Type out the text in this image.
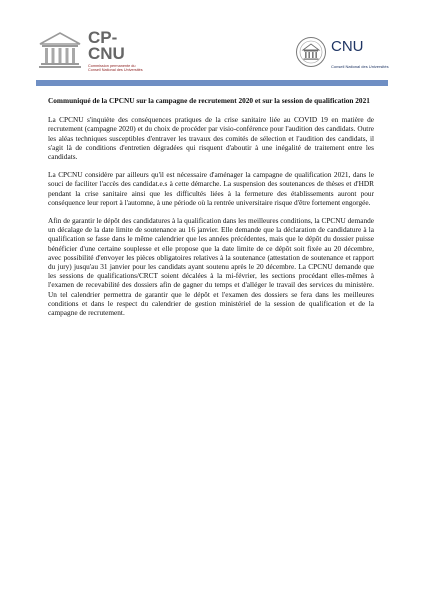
CP-
CNU
Commission permanente du
Conseil National des Universités
CNU
Conseil National des Universités

Communiqué de la CPCNU sur la campagne de recrutement 2020 et sur la session de qualification 2021

La CPCNU s'inquiète des conséquences pratiques de la crise sanitaire liée au COVID 19 en matière de recrutement (campagne 2020) et du choix de procéder par visio-conférence pour l'audition des candidats. Outre les aléas techniques susceptibles d'entraver les travaux des comités de sélection et l'audition des candidats, il s'agit là de conditions d'entretien dégradées qui risquent d'aboutir à une inégalité de traitement entre les candidats.

La CPCNU considère par ailleurs qu'il est nécessaire d'aménager la campagne de qualification 2021, dans le souci de faciliter l'accès des candidat.e.s à cette démarche. La suspension des soutenances de thèses et d'HDR pendant la crise sanitaire ainsi que les difficultés liées à la fermeture des établissements auront pour conséquence leur report à l'automne, à une période où la rentrée universitaire risque d'être fortement engorgée.

Afin de garantir le dépôt des candidatures à la qualification dans les meilleures conditions, la CPCNU demande un décalage de la date limite de soutenance au 16 janvier. Elle demande que la déclaration de candidature à la qualification se fasse dans le même calendrier que les années précédentes, mais que le dépôt du dossier puisse bénéficier d'une certaine souplesse et elle propose que la date limite de ce dépôt soit fixée au 20 décembre, avec possibilité d'envoyer les pièces obligatoires relatives à la soutenance (attestation de soutenance et rapport du jury) jusqu'au 31 janvier pour les candidats ayant soutenu après le 20 décembre. La CPCNU demande que les sessions de qualifications/CRCT soient décalées à la mi-février, les sections procédant elles-mêmes à l'examen de recevabilité des dossiers afin de gagner du temps et d'alléger le travail des services du ministère. Un tel calendrier permettra de garantir que le dépôt et l'examen des dossiers se fera dans les meilleures conditions et dans le respect du calendrier de gestion ministériel de la session de qualification et de la campagne de recrutement.
